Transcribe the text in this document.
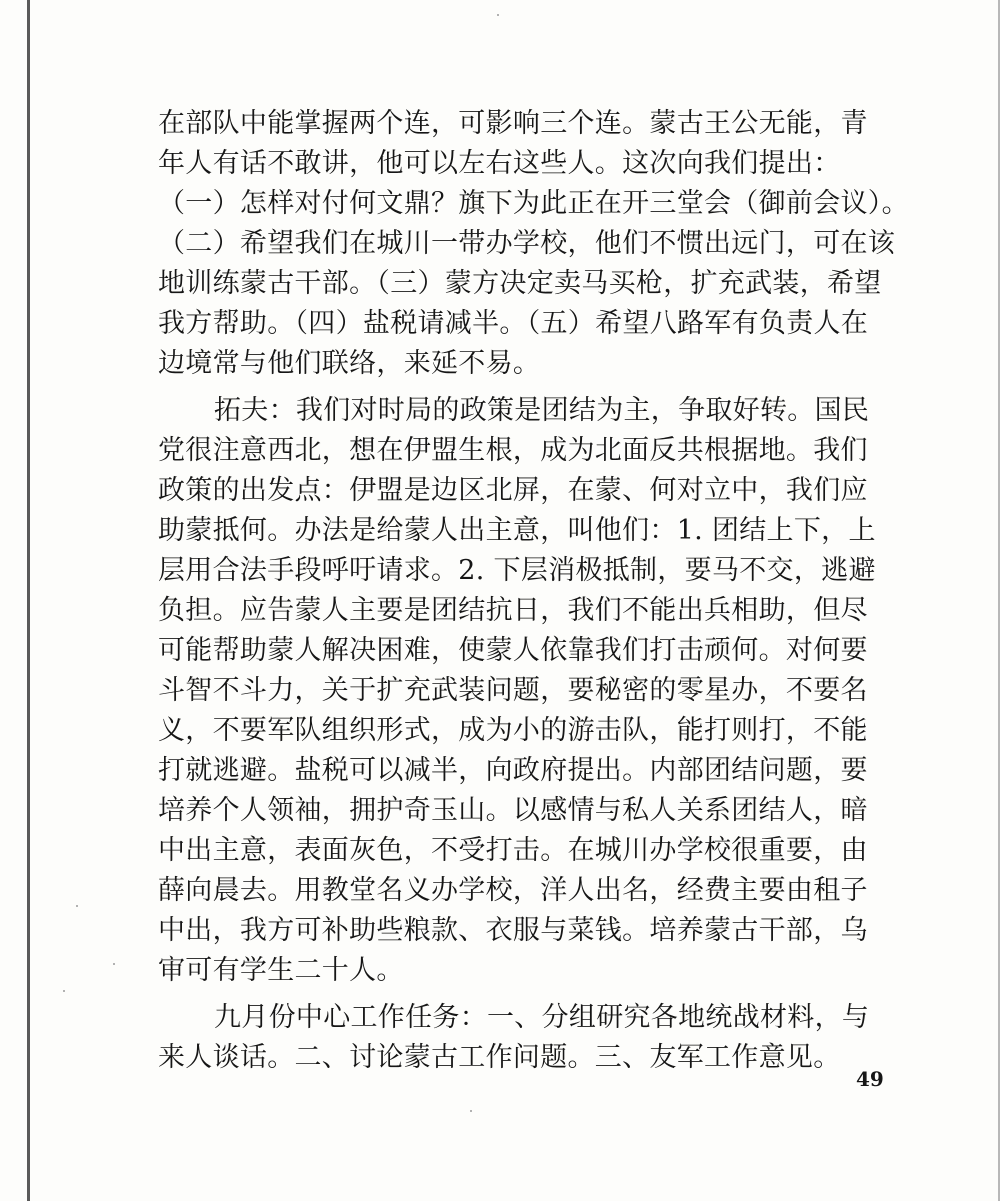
在部队中能掌握两个连，可影响三个连。蒙古王公无能，青
年人有话不敢讲，他可以左右这些人。这次向我们提出：
（一）怎样对付何文鼎？旗下为此正在开三堂会（御前会议）。
（二）希望我们在城川一带办学校，他们不惯出远门，可在该
地训练蒙古干部。（三）蒙方决定卖马买枪，扩充武装，希望
我方帮助。（四）盐税请减半。（五）希望八路军有负责人在
边境常与他们联络，来延不易。
拓夫：我们对时局的政策是团结为主，争取好转。国民
党很注意西北，想在伊盟生根，成为北面反共根据地。我们
政策的出发点：伊盟是边区北屏，在蒙、何对立中，我们应
助蒙抵何。办法是给蒙人出主意，叫他们：1. 团结上下，上
层用合法手段呼吁请求。2. 下层消极抵制，要马不交，逃避
负担。应告蒙人主要是团结抗日，我们不能出兵相助，但尽
可能帮助蒙人解决困难，使蒙人依靠我们打击顽何。对何要
斗智不斗力，关于扩充武装问题，要秘密的零星办，不要名
义，不要军队组织形式，成为小的游击队，能打则打，不能
打就逃避。盐税可以减半，向政府提出。内部团结问题，要
培养个人领袖，拥护奇玉山。以感情与私人关系团结人，暗
中出主意，表面灰色，不受打击。在城川办学校很重要，由
薛向晨去。用教堂名义办学校，洋人出名，经费主要由租子
中出，我方可补助些粮款、衣服与菜钱。培养蒙古干部，乌
审可有学生二十人。
九月份中心工作任务：一、分组研究各地统战材料，与
来人谈话。二、讨论蒙古工作问题。三、友军工作意见。
49
